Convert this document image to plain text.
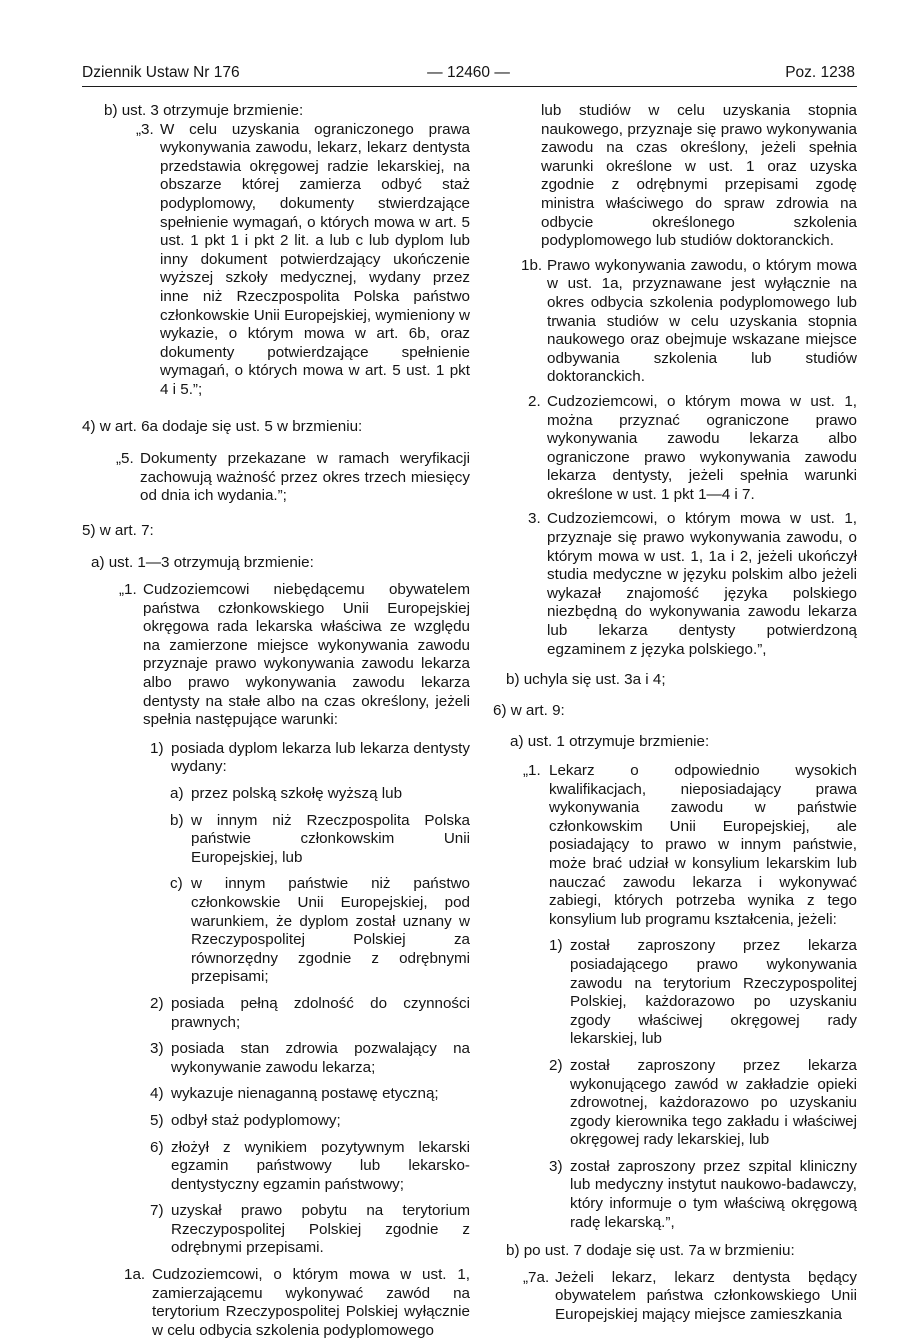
Dziennik Ustaw Nr 176	— 12460 —	Poz. 1238
b) ust. 3 otrzymuje brzmienie:
„3. W celu uzyskania ograniczonego prawa wykonywania zawodu, lekarz, lekarz dentysta przedstawia okręgowej radzie lekarskiej, na obszarze której zamierza odbyć staż podyplomowy, dokumenty stwierdzające spełnienie wymagań, o których mowa w art. 5 ust. 1 pkt 1 i pkt 2 lit. a lub c lub dyplom lub inny dokument potwierdzający ukończenie wyższej szkoły medycznej, wydany przez inne niż Rzeczpospolita Polska państwo członkowskie Unii Europejskiej, wymieniony w wykazie, o którym mowa w art. 6b, oraz dokumenty potwierdzające spełnienie wymagań, o których mowa w art. 5 ust. 1 pkt 4 i 5.”;
4) w art. 6a dodaje się ust. 5 w brzmieniu:
„5. Dokumenty przekazane w ramach weryfikacji zachowują ważność przez okres trzech miesięcy od dnia ich wydania.”;
5) w art. 7:
a) ust. 1—3 otrzymują brzmienie:
„1. Cudzoziemcowi niebędącemu obywatelem państwa członkowskiego Unii Europejskiej okręgowa rada lekarska właściwa ze względu na zamierzone miejsce wykonywania zawodu przyznaje prawo wykonywania zawodu lekarza albo prawo wykonywania zawodu lekarza dentysty na stałe albo na czas określony, jeżeli spełnia następujące warunki:
1) posiada dyplom lekarza lub lekarza dentysty wydany:
a) przez polską szkołę wyższą lub
b) w innym niż Rzeczpospolita Polska państwie członkowskim Unii Europejskiej, lub
c) w innym państwie niż państwo członkowskie Unii Europejskiej, pod warunkiem, że dyplom został uznany w Rzeczypospolitej Polskiej za równorzędny zgodnie z odrębnymi przepisami;
2) posiada pełną zdolność do czynności prawnych;
3) posiada stan zdrowia pozwalający na wykonywanie zawodu lekarza;
4) wykazuje nienaganną postawę etyczną;
5) odbył staż podyplomowy;
6) złożył z wynikiem pozytywnym lekarski egzamin państwowy lub lekarsko-dentystyczny egzamin państwowy;
7) uzyskał prawo pobytu na terytorium Rzeczypospolitej Polskiej zgodnie z odrębnymi przepisami.
1a. Cudzoziemcowi, o którym mowa w ust. 1, zamierzającemu wykonywać zawód na terytorium Rzeczypospolitej Polskiej wyłącznie w celu odbycia szkolenia podyplomowego
lub studiów w celu uzyskania stopnia naukowego, przyznaje się prawo wykonywania zawodu na czas określony, jeżeli spełnia warunki określone w ust. 1 oraz uzyska zgodnie z odrębnymi przepisami zgodę ministra właściwego do spraw zdrowia na odbycie określonego szkolenia podyplomowego lub studiów doktoranckich.
1b. Prawo wykonywania zawodu, o którym mowa w ust. 1a, przyznawane jest wyłącznie na okres odbycia szkolenia podyplomowego lub trwania studiów w celu uzyskania stopnia naukowego oraz obejmuje wskazane miejsce odbywania szkolenia lub studiów doktoranckich.
2. Cudzoziemcowi, o którym mowa w ust. 1, można przyznać ograniczone prawo wykonywania zawodu lekarza albo ograniczone prawo wykonywania zawodu lekarza dentysty, jeżeli spełnia warunki określone w ust. 1 pkt 1—4 i 7.
3. Cudzoziemcowi, o którym mowa w ust. 1, przyznaje się prawo wykonywania zawodu, o którym mowa w ust. 1, 1a i 2, jeżeli ukończył studia medyczne w języku polskim albo jeżeli wykazał znajomość języka polskiego niezbędną do wykonywania zawodu lekarza lub lekarza dentysty potwierdzoną egzaminem z języka polskiego.”,
b) uchyla się ust. 3a i 4;
6) w art. 9:
a) ust. 1 otrzymuje brzmienie:
„1. Lekarz o odpowiednio wysokich kwalifikacjach, nieposiadający prawa wykonywania zawodu w państwie członkowskim Unii Europejskiej, ale posiadający to prawo w innym państwie, może brać udział w konsylium lekarskim lub nauczać zawodu lekarza i wykonywać zabiegi, których potrzeba wynika z tego konsylium lub programu kształcenia, jeżeli:
1) został zaproszony przez lekarza posiadającego prawo wykonywania zawodu na terytorium Rzeczypospolitej Polskiej, każdorazowo po uzyskaniu zgody właściwej okręgowej rady lekarskiej, lub
2) został zaproszony przez lekarza wykonującego zawód w zakładzie opieki zdrowotnej, każdorazowo po uzyskaniu zgody kierownika tego zakładu i właściwej okręgowej rady lekarskiej, lub
3) został zaproszony przez szpital kliniczny lub medyczny instytut naukowo-badawczy, który informuje o tym właściwą okręgową radę lekarską.”,
b) po ust. 7 dodaje się ust. 7a w brzmieniu:
„7a. Jeżeli lekarz, lekarz dentysta będący obywatelem państwa członkowskiego Unii Europejskiej mający miejsce zamieszkania
